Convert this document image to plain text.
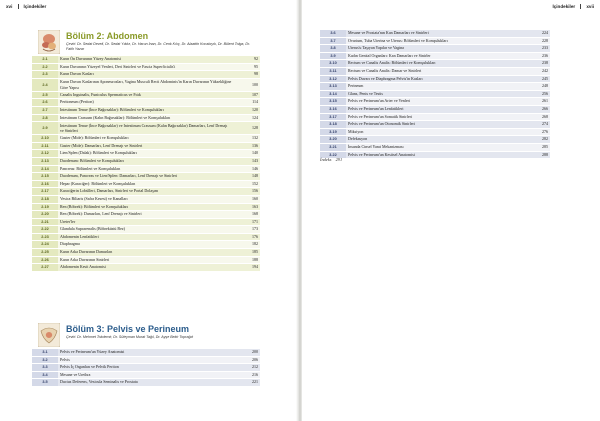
xvi İçindekiler
Bölüm 2: Abdomen
Çeviri: Dr. Sedat Develi, Dr. Sedat Yıldız, Dr. Harun İnan, Dr. Cenk Kılıç, Dr. Alaattin Kocabıyık, Dr. Bülent Tolga, Dr. Fatih Yazar
2.1	Karın Ön Duvarının Yüzey Anatomisi	92
2.2	Karın Duvarının Yüzeyel Venleri, Deri Sinirleri ve Fascia Superficialis'i	95
2.3	Karın Duvarı Kasları	98
2.4	Karın Duvarı Kaslarının Aponeurozları, Vagina Musculi Recti Abdominis'in Karın Duvarının Yüksekliğine Göre Yapısı	100
2.5	Canalis Inguinalis, Funiculus Spermaticus ve Fıtık	107
2.6	Peritoneum (Periton)	114
2.7	Intestinum Tenue (İnce Bağırsaklar): Bölümleri ve Komşulukları	120
2.8	Intestinum Crassum (Kalın Bağırsaklar): Bölümleri ve Komşulukları	124
2.9	Intestinum Tenue (İnce Bağırsaklar) ve Intestinum Crassum (Kalın Bağırsaklar) Damarları, Lenf Drenajı ve Sinirleri	128
2.10	Gaster (Mide): Bölümleri ve Komşulukları	132
2.11	Gaster (Mide): Damarları, Lenf Drenajı ve Sinirleri	136
2.12	Lien/Splen (Dalak): Bölümleri ve Komşulukları	140
2.13	Duodenum: Bölümleri ve Komşulukları	143
2.14	Pancreas: Bölümleri ve Komşulukları	146
2.15	Duodenum, Pancreas ve Lien/Splen: Damarları, Lenf Drenajı ve Sinirleri	148
2.16	Hepar (Karaciğer): Bölümleri ve Komşulukları	152
2.17	Karaciğerin Lobülleri, Damarları, Sinirleri ve Portal Dolaşım	156
2.18	Vesica Biliaris (Safra Kesesi) ve Kanalları	160
2.19	Ren (Böbrek): Bölümleri ve Komşulukları	163
2.20	Ren (Böbrek): Damarları, Lenf Drenajı ve Sinirleri	168
2.21	Ureter'ler	171
2.22	Glandula Suprarenalis (Böbreküstü Bez)	173
2.23	Abdomenin Lenfatikleri	176
2.24	Diaphragma	182
2.25	Karın Arka Duvarının Damarları	185
2.26	Karın Arka Duvarının Sinirleri	188
2.27	Abdomenin Kesit Anatomisi	194
Bölüm 3: Pelvis ve Perineum
Çeviri: Dr. Mehmet Tokdemir, Dr. Süleyman Murat Tağıl, Dr. Ayşe Bekir Toprağılı
3.1	Pelvis ve Perineum'un Yüzey Anatomisi	200
3.2	Pelvis	206
3.3	Pelvis İç Organları ve Pelvik Periton	212
3.4	Mesane ve Urethra	216
3.5	Ductus Deferens, Vesicula Seminalis ve Prostata	221
İçindekiler xvii
3.6	Mesane ve Prostata'nın Kan Damarları ve Sinirleri	224
3.7	Ovarium, Tuba Uterina ve Uterus: Bölümleri ve Komşulukları	228
3.8	Uterus'u Taşıyan Yapılar ve Vagina	233
3.9	Kadın Genital Organları: Kan Damarları ve Sinirler	236
3.10	Rectum ve Canalis Analis: Bölümleri ve Komşulukları	238
3.11	Rectum ve Canalis Analis: Damar ve Sinirleri	242
3.12	Pelvis Duvarı ve Diaphragma Pelvis'in Kasları	245
3.13	Perineum	248
3.14	Glans, Penis ve Testis	256
3.15	Pelvis ve Perineum'un Arter ve Venleri	261
3.16	Pelvis ve Perineum'un Lenfatikleri	266
3.17	Pelvis ve Perineum'un Somatik Sinirleri	268
3.18	Pelvis ve Perineum'un Otonomik Sinirleri	274
3.19	Miksiyon	276
3.20	Defekasyon	282
3.21	İnsanda Cinsel Yanıt Mekanizması	285
3.22	Pelvis ve Perineum'un Kesitsel Anatomisi	288
İndeks 291
